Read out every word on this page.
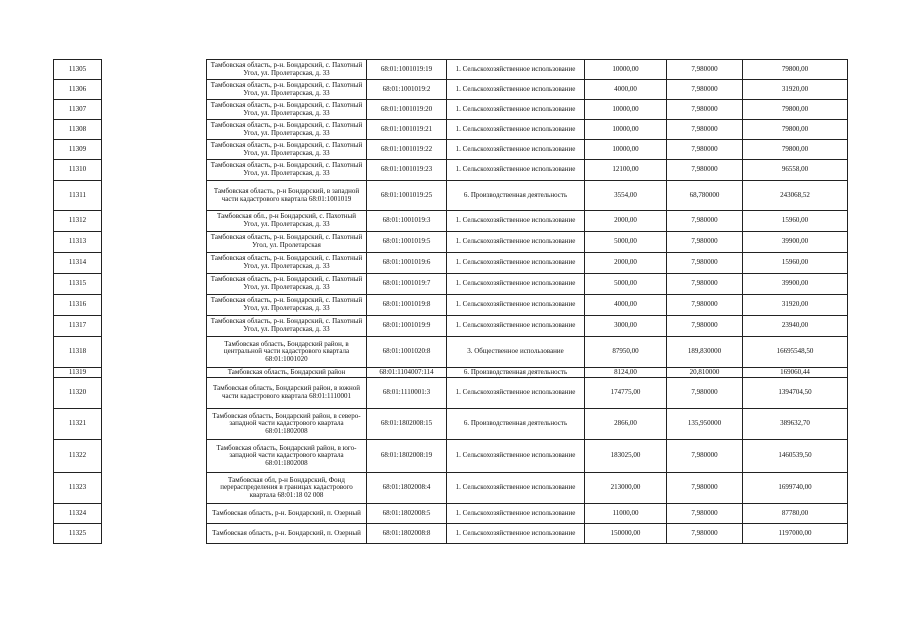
11305		Тамбовская область, р-н. Бондарский, с. Пахотный Угол, ул. Пролетарская, д. 33	68:01:1001019:19	1. Сельскохозяйственное использование	10000,00	7,980000	79800,00
11306		Тамбовская область, р-н. Бондарский, с. Пахотный Угол, ул. Пролетарская, д. 33	68:01:1001019:2	1. Сельскохозяйственное использование	4000,00	7,980000	31920,00
11307		Тамбовская область, р-н. Бондарский, с. Пахотный Угол, ул. Пролетарская, д. 33	68:01:1001019:20	1. Сельскохозяйственное использование	10000,00	7,980000	79800,00
11308		Тамбовская область, р-н. Бондарский, с. Пахотный Угол, ул. Пролетарская, д. 33	68:01:1001019:21	1. Сельскохозяйственное использование	10000,00	7,980000	79800,00
11309		Тамбовская область, р-н. Бондарский, с. Пахотный Угол, ул. Пролетарская, д. 33	68:01:1001019:22	1. Сельскохозяйственное использование	10000,00	7,980000	79800,00
11310		Тамбовская область, р-н. Бондарский, с. Пахотный Угол, ул. Пролетарская, д. 33	68:01:1001019:23	1. Сельскохозяйственное использование	12100,00	7,980000	96558,00
11311		Тамбовская область, р-н Бондарский, в западной части кадастрового квартала 68:01:1001019	68:01:1001019:25	6. Производственная деятельность	3554,00	68,780000	243068,52
11312		Тамбовская обл., р-н Бондарский, с. Пахотный Угол, ул. Пролетарская, д. 33	68:01:1001019:3	1. Сельскохозяйственное использование	2000,00	7,980000	15960,00
11313		Тамбовская область, р-н. Бондарский, с. Пахотный Угол, ул. Пролетарская	68:01:1001019:5	1. Сельскохозяйственное использование	5000,00	7,980000	39900,00
11314		Тамбовская область, р-н. Бондарский, с. Пахотный Угол, ул. Пролетарская, д. 33	68:01:1001019:6	1. Сельскохозяйственное использование	2000,00	7,980000	15960,00
11315		Тамбовская область, р-н. Бондарский, с. Пахотный Угол, ул. Пролетарская, д. 33	68:01:1001019:7	1. Сельскохозяйственное использование	5000,00	7,980000	39900,00
11316		Тамбовская область, р-н. Бондарский, с. Пахотный Угол, ул. Пролетарская, д. 33	68:01:1001019:8	1. Сельскохозяйственное использование	4000,00	7,980000	31920,00
11317		Тамбовская область, р-н. Бондарский, с. Пахотный Угол, ул. Пролетарская, д. 33	68:01:1001019:9	1. Сельскохозяйственное использование	3000,00	7,980000	23940,00
11318		Тамбовская область, Бондарский район, в центральной части кадастрового квартала 68:01:1001020	68:01:1001020:8	3. Общественное использование	87950,00	189,830000	16695548,50
11319		Тамбовская область, Бондарский район	68:01:1104007:114	6. Производственная деятельность	8124,00	20,810000	169060,44
11320		Тамбовская область, Бондарский район, в южной части кадастрового квартала 68:01:1110001	68:01:1110001:3	1. Сельскохозяйственное использование	174775,00	7,980000	1394704,50
11321		Тамбовская область, Бондарский район, в северо-западной части кадастрового квартала 68:01:1802008	68:01:1802008:15	6. Производственная деятельность	2866,00	135,950000	389632,70
11322		Тамбовская область, Бондарский район, в юго-западной части кадастрового квартала 68:01:1802008	68:01:1802008:19	1. Сельскохозяйственное использование	183025,00	7,980000	1460539,50
11323		Тамбовская обл, р-н Бондарский, Фонд перераспределения в границах кадастрового квартала 68:01:18 02 008	68:01:1802008:4	1. Сельскохозяйственное использование	213000,00	7,980000	1699740,00
11324		Тамбовская область, р-н. Бондарский, п. Озерный	68:01:1802008:5	1. Сельскохозяйственное использование	11000,00	7,980000	87780,00
11325		Тамбовская область, р-н. Бондарский, п. Озерный	68:01:1802008:8	1. Сельскохозяйственное использование	150000,00	7,980000	1197000,00
